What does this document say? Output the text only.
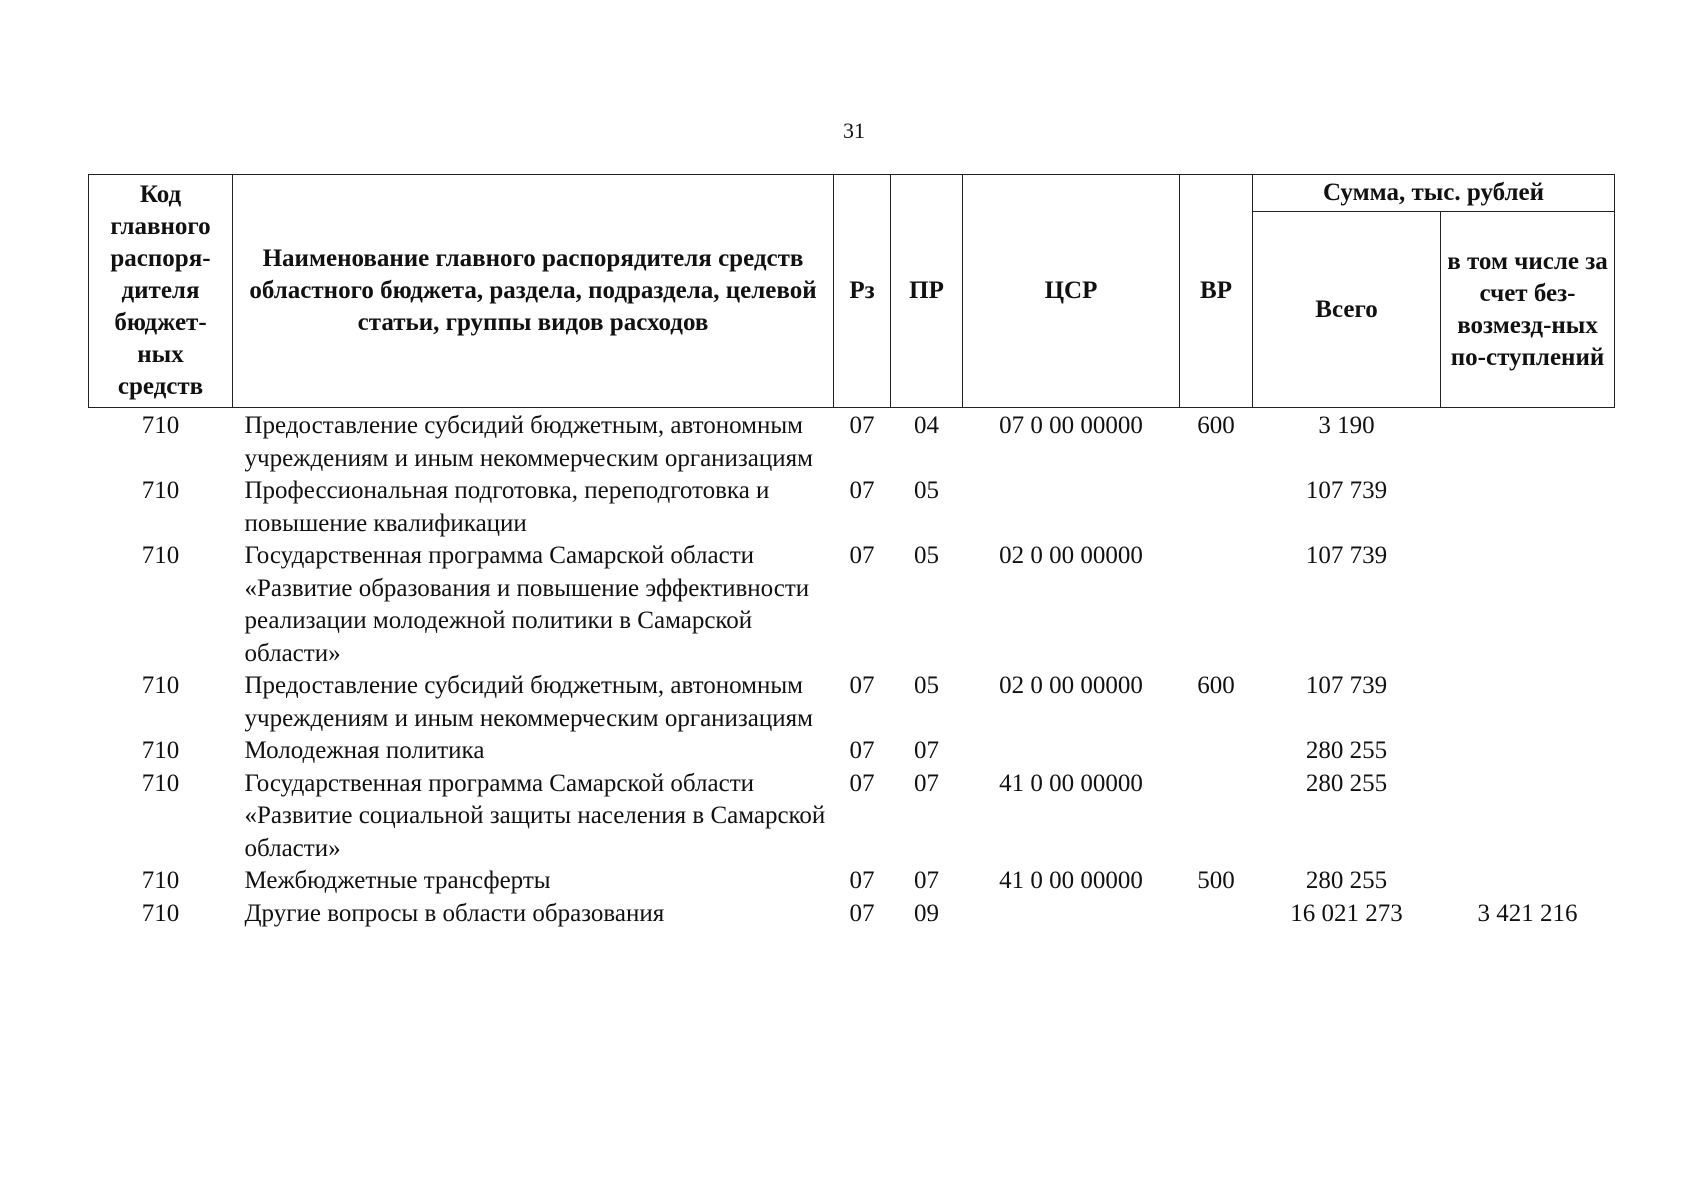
31
Код главного распоря-дителя бюджет-ных средств	Наименование главного распорядителя средств областного бюджета, раздела, подраздела, целевой статьи, группы видов расходов	Рз	ПР	ЦСР	ВР	Сумма, тыс. рублей	
						Всего	в том числе за счет без-возмезд-ных по-ступлений
710	Предоставление субсидий бюджетным, автономным учреждениям и иным некоммерческим организациям	07	04	07 0 00 00000	600	3 190	
710	Профессиональная подготовка, переподготовка и повышение квалификации	07	05			107 739	
710	Государственная программа Самарской области «Развитие образования и повышение эффективности реализации молодежной политики в Самарской области»	07	05	02 0 00 00000		107 739	
710	Предоставление субсидий бюджетным, автономным учреждениям и иным некоммерческим организациям	07	05	02 0 00 00000	600	107 739	
710	Молодежная политика	07	07			280 255	
710	Государственная программа Самарской области «Развитие социальной защиты населения в Самарской области»	07	07	41 0 00 00000		280 255	
710	Межбюджетные трансферты	07	07	41 0 00 00000	500	280 255	
710	Другие вопросы в области образования	07	09			16 021 273	3 421 216
